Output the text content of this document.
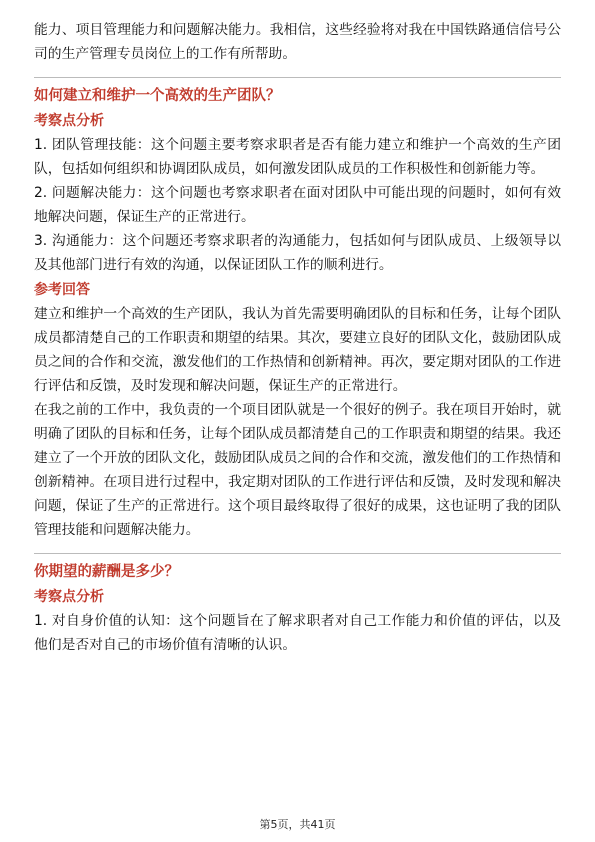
能力、项目管理能力和问题解决能力。我相信，这些经验将对我在中国铁路通信信号公司的生产管理专员岗位上的工作有所帮助。

如何建立和维护一个高效的生产团队？

考察点分析

1. 团队管理技能：这个问题主要考察求职者是否有能力建立和维护一个高效的生产团队，包括如何组织和协调团队成员，如何激发团队成员的工作积极性和创新能力等。

2. 问题解决能力：这个问题也考察求职者在面对团队中可能出现的问题时，如何有效地解决问题，保证生产的正常进行。

3. 沟通能力：这个问题还考察求职者的沟通能力，包括如何与团队成员、上级领导以及其他部门进行有效的沟通，以保证团队工作的顺利进行。

参考回答

建立和维护一个高效的生产团队，我认为首先需要明确团队的目标和任务，让每个团队成员都清楚自己的工作职责和期望的结果。其次，要建立良好的团队文化，鼓励团队成员之间的合作和交流，激发他们的工作热情和创新精神。再次，要定期对团队的工作进行评估和反馈，及时发现和解决问题，保证生产的正常进行。

在我之前的工作中，我负责的一个项目团队就是一个很好的例子。我在项目开始时，就明确了团队的目标和任务，让每个团队成员都清楚自己的工作职责和期望的结果。我还建立了一个开放的团队文化，鼓励团队成员之间的合作和交流，激发他们的工作热情和创新精神。在项目进行过程中，我定期对团队的工作进行评估和反馈，及时发现和解决问题，保证了生产的正常进行。这个项目最终取得了很好的成果，这也证明了我的团队管理技能和问题解决能力。

你期望的薪酬是多少？

考察点分析

1. 对自身价值的认知：这个问题旨在了解求职者对自己工作能力和价值的评估，以及他们是否对自己的市场价值有清晰的认识。

第5页，共41页
